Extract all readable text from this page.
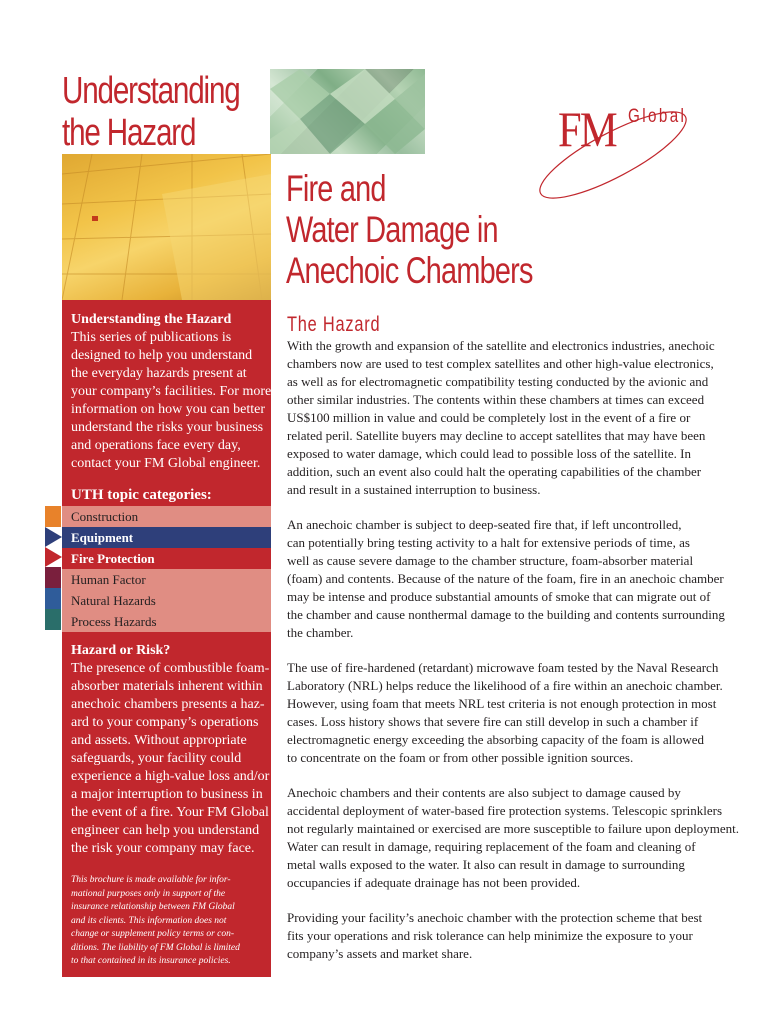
Understanding
the Hazard	FM Global
Fire and
Water Damage in
Anechoic Chambers
Understanding the Hazard
This series of publications is
designed to help you understand
the everyday hazards present at
your company’s facilities. For more
information on how you can better
understand the risks your business
and operations face every day,
contact your FM Global engineer.
UTH topic categories:
Construction
Equipment
Fire Protection
Human Factor
Natural Hazards
Process Hazards
Hazard or Risk?
The presence of combustible foam-
absorber materials inherent within
anechoic chambers presents a haz-
ard to your company’s operations
and assets. Without appropriate
safeguards, your facility could
experience a high-value loss and/or
a major interruption to business in
the event of a fire. Your FM Global
engineer can help you understand
the risk your company may face.
This brochure is made available for infor-
mational purposes only in support of the
insurance relationship between FM Global
and its clients. This information does not
change or supplement policy terms or con-
ditions. The liability of FM Global is limited
to that contained in its insurance policies.
The Hazard
With the growth and expansion of the satellite and electronics industries, anechoic
chambers now are used to test complex satellites and other high-value electronics,
as well as for electromagnetic compatibility testing conducted by the avionic and
other similar industries. The contents within these chambers at times can exceed
US$100 million in value and could be completely lost in the event of a fire or
related peril. Satellite buyers may decline to accept satellites that may have been
exposed to water damage, which could lead to possible loss of the satellite. In
addition, such an event also could halt the operating capabilities of the chamber
and result in a sustained interruption to business.
An anechoic chamber is subject to deep-seated fire that, if left uncontrolled,
can potentially bring testing activity to a halt for extensive periods of time, as
well as cause severe damage to the chamber structure, foam-absorber material
(foam) and contents. Because of the nature of the foam, fire in an anechoic chamber
may be intense and produce substantial amounts of smoke that can migrate out of
the chamber and cause nonthermal damage to the building and contents surrounding
the chamber.
The use of fire-hardened (retardant) microwave foam tested by the Naval Research
Laboratory (NRL) helps reduce the likelihood of a fire within an anechoic chamber.
However, using foam that meets NRL test criteria is not enough protection in most
cases. Loss history shows that severe fire can still develop in such a chamber if
electromagnetic energy exceeding the absorbing capacity of the foam is allowed
to concentrate on the foam or from other possible ignition sources.
Anechoic chambers and their contents are also subject to damage caused by
accidental deployment of water-based fire protection systems. Telescopic sprinklers
not regularly maintained or exercised are more susceptible to failure upon deployment.
Water can result in damage, requiring replacement of the foam and cleaning of
metal walls exposed to the water. It also can result in damage to surrounding
occupancies if adequate drainage has not been provided.
Providing your facility’s anechoic chamber with the protection scheme that best
fits your operations and risk tolerance can help minimize the exposure to your
company’s assets and market share.
